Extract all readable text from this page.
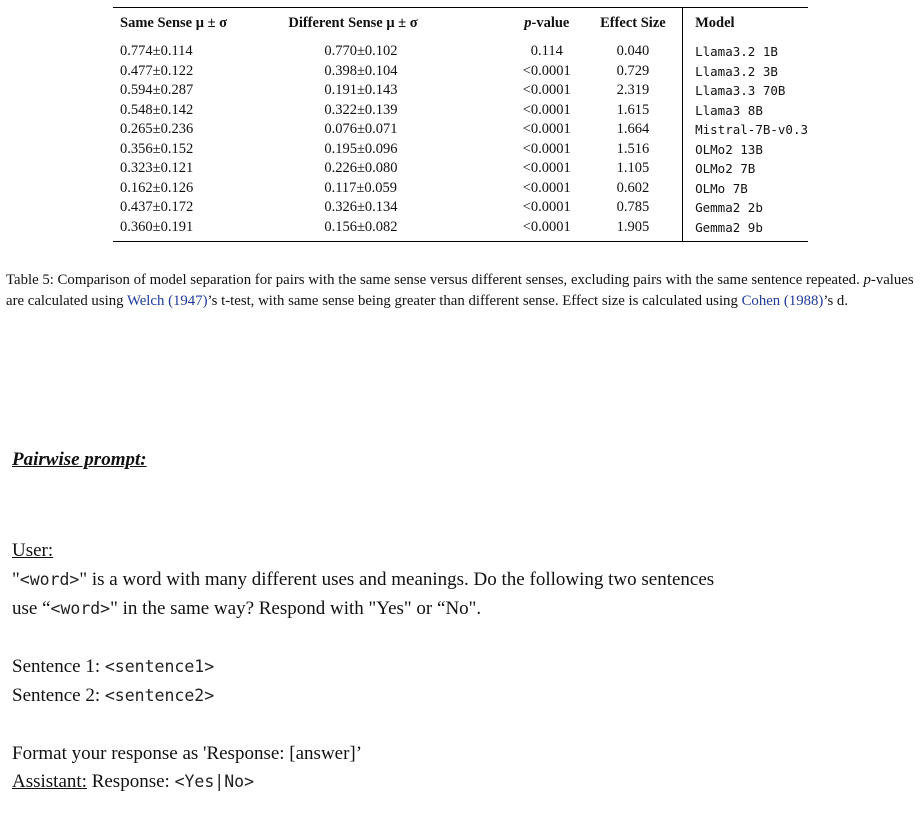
Same Sense μ ± σ	Different Sense μ ± σ	p-value	Effect Size	Model
0.774±0.114	0.770±0.102	0.114	0.040	Llama3.2 1B
0.477±0.122	0.398±0.104	<0.0001	0.729	Llama3.2 3B
0.594±0.287	0.191±0.143	<0.0001	2.319	Llama3.3 70B
0.548±0.142	0.322±0.139	<0.0001	1.615	Llama3 8B
0.265±0.236	0.076±0.071	<0.0001	1.664	Mistral-7B-v0.3
0.356±0.152	0.195±0.096	<0.0001	1.516	OLMo2 13B
0.323±0.121	0.226±0.080	<0.0001	1.105	OLMo2 7B
0.162±0.126	0.117±0.059	<0.0001	0.602	OLMo 7B
0.437±0.172	0.326±0.134	<0.0001	0.785	Gemma2 2b
0.360±0.191	0.156±0.082	<0.0001	1.905	Gemma2 9b

Table 5: Comparison of model separation for pairs with the same sense versus different senses, excluding pairs with the same sentence repeated. p-values are calculated using Welch (1947)’s t-test, with same sense being greater than different sense. Effect size is calculated using Cohen (1988)’s d.

Pairwise prompt:
User:
"<word>" is a word with many different uses and meanings. Do the following two sentences
use “<word>" in the same way? Respond with "Yes" or “No".
Sentence 1: <sentence1>
Sentence 2: <sentence2>
Format your response as 'Response: [answer]’
Assistant: Response: <Yes|No>
